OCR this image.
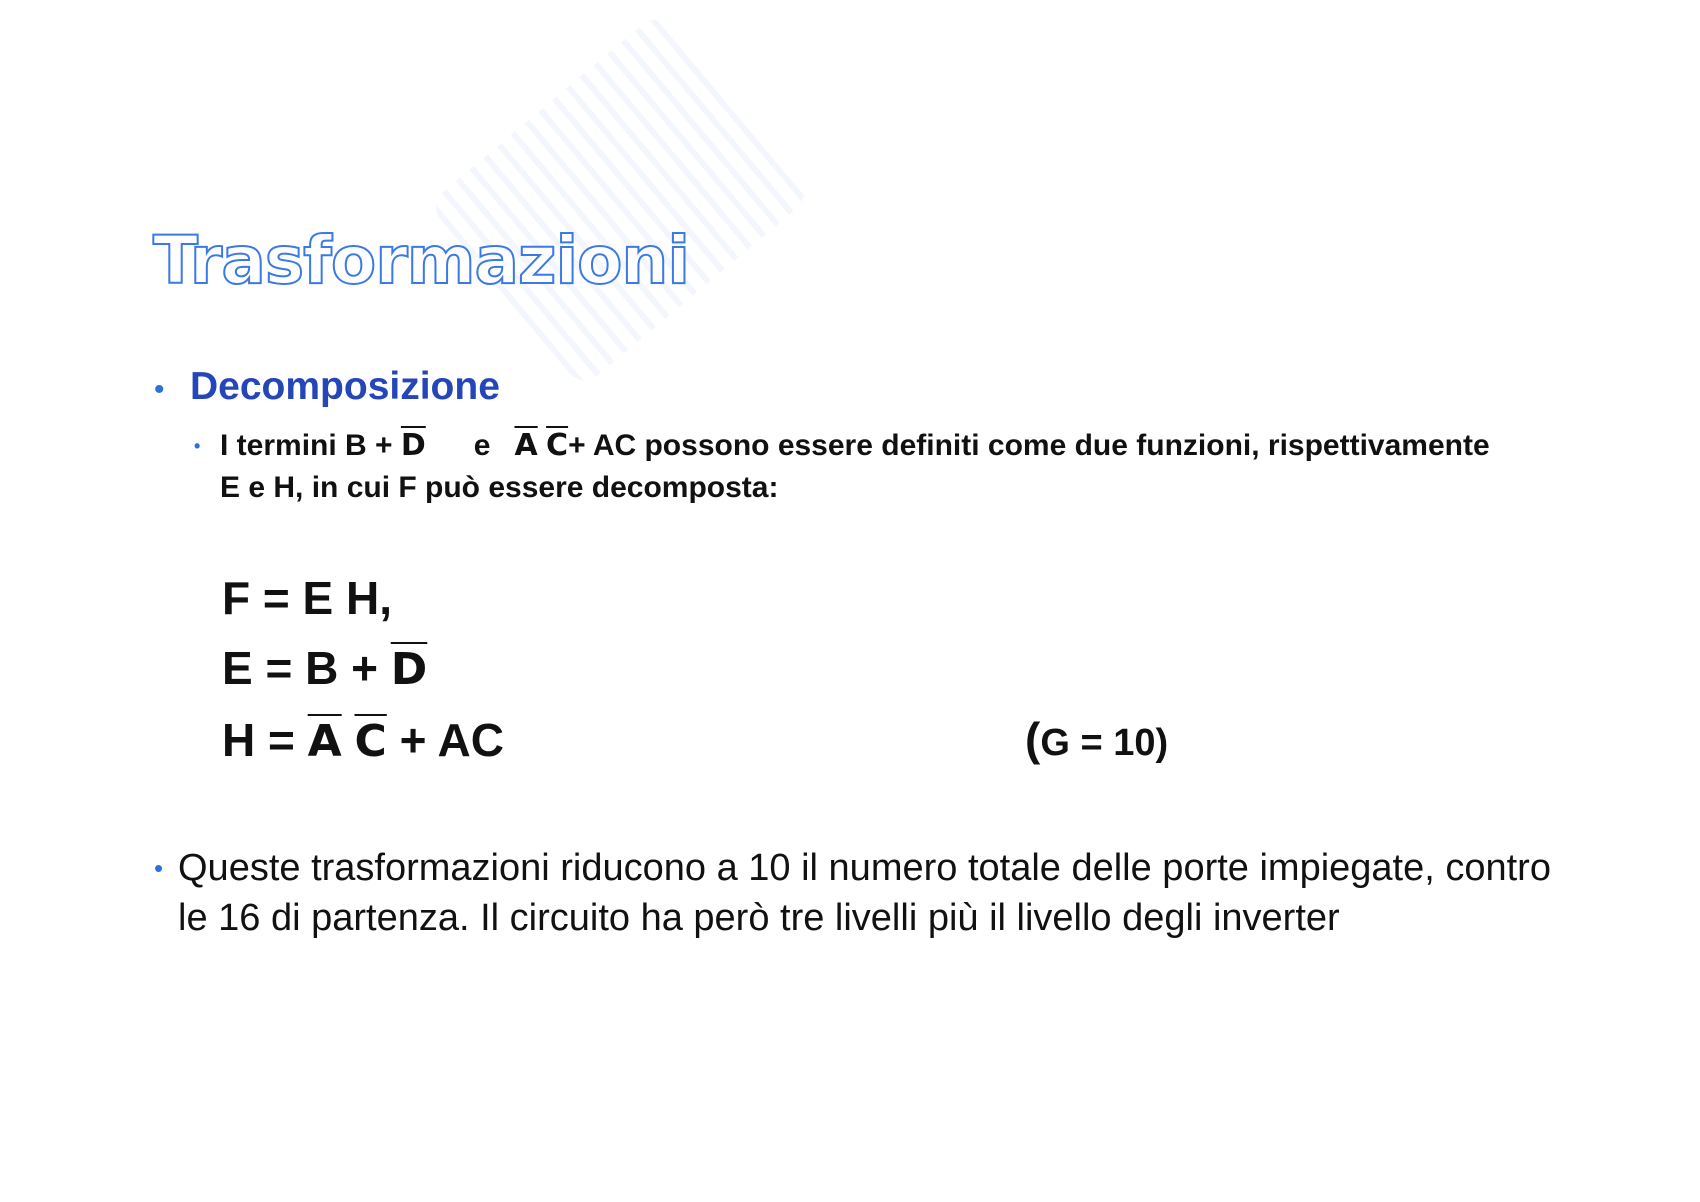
Trasformazioni
• Decomposizione
• I termini $B + \overline{D}$ e $\overline{A}$ $\overline{C}+$ AC possono essere definiti come due funzioni, rispettivamente E e H, in cui F può essere decomposta:
F = E H,
$E = B + \overline{D}$
$H = \overline{A}$ $\overline{C}$ + AC	(G = 10)
• Queste trasformazioni riducono a 10 il numero totale delle porte impiegate, contro le 16 di partenza. Il circuito ha però tre livelli più il livello degli inverter
